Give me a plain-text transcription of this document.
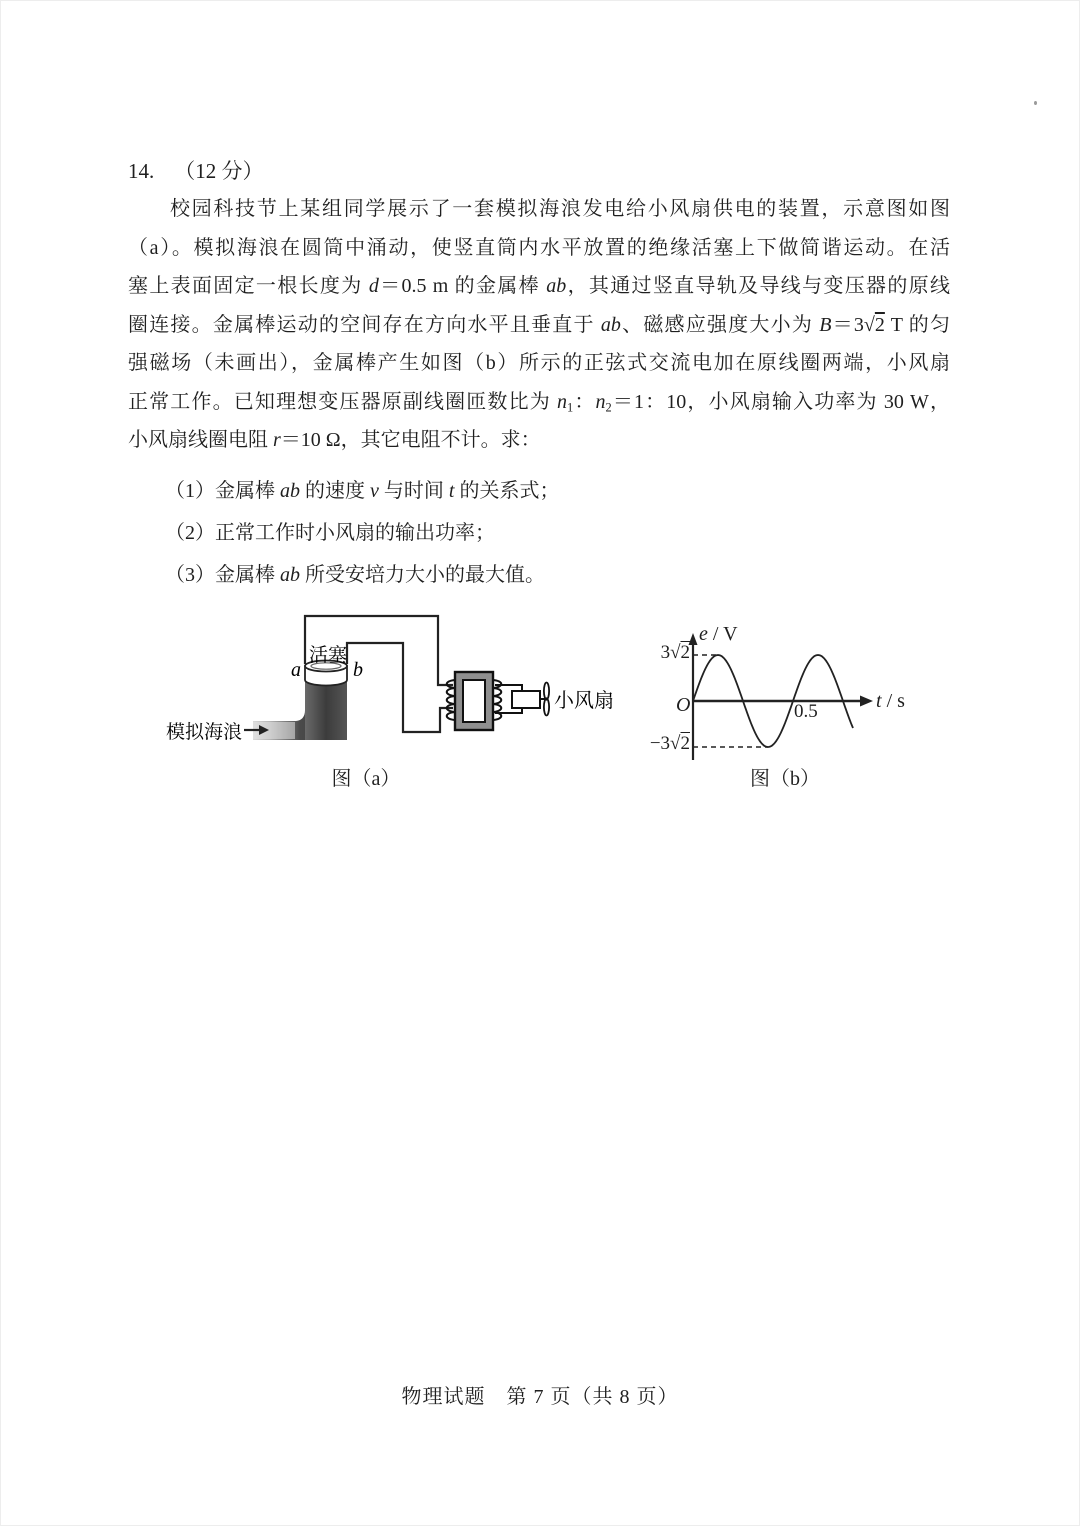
14. （12 分）
校园科技节上某组同学展示了一套模拟海浪发电给小风扇供电的装置，示意图如图
（a）。模拟海浪在圆筒中涌动，使竖直筒内水平放置的绝缘活塞上下做简谐运动。在活
塞上表面固定一根长度为 d＝0.5 m 的金属棒 ab，其通过竖直导轨及导线与变压器的原线
圈连接。金属棒运动的空间存在方向水平且垂直于 ab、磁感应强度大小为 B＝3√2 T 的匀
强磁场（未画出），金属棒产生如图（b）所示的正弦式交流电加在原线圈两端，小风扇
正常工作。已知理想变压器原副线圈匝数比为 n1：n2＝1：10，小风扇输入功率为 30 W，
小风扇线圈电阻 r＝10 Ω，其它电阻不计。求：
（1）金属棒 ab 的速度 v 与时间 t 的关系式；
（2）正常工作时小风扇的输出功率；
（3）金属棒 ab 所受安培力大小的最大值。
活塞
a	b
模拟海浪
小风扇
图（a）
e / V
3√2
O	0.5	t / s
−3√2
图（b）
物理试题　第 7 页（共 8 页）
